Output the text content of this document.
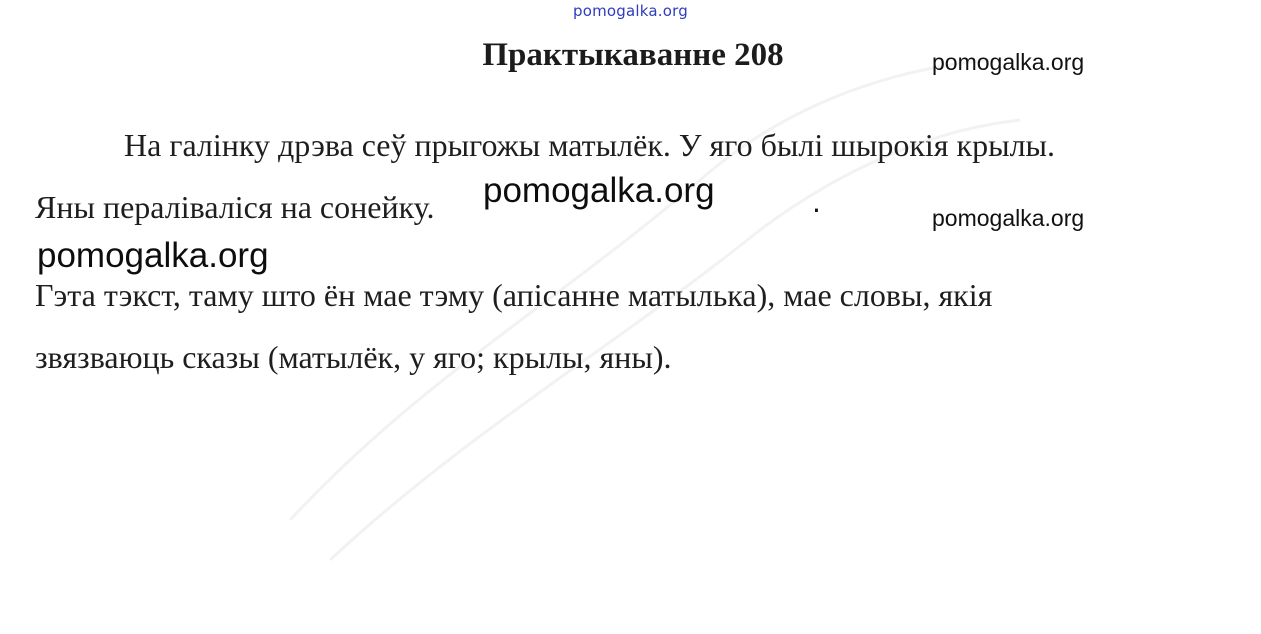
pomogalka.org
Практыкаванне 208	pomogalka.org
На галінку дрэва сеў прыгожы матылёк. У яго былі шырокія крылы.
Яны пераліваліся на сонейку. pomogalka.org	.	pomogalka.org
pomogalka.org
Гэта тэкст, таму што ён мае тэму (апісанне матылька), мае словы, якія
звязваюць сказы (матылёк, у яго; крылы, яны).
